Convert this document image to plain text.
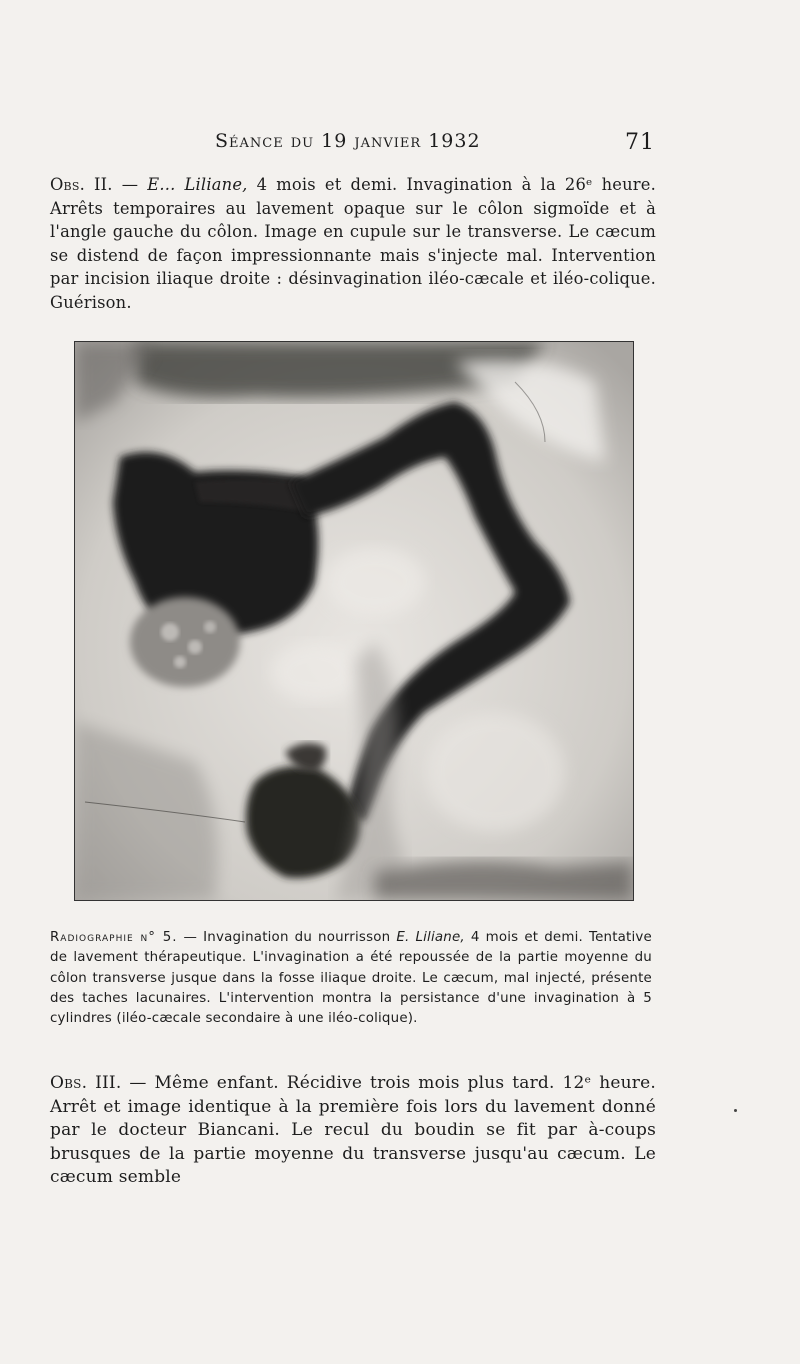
Séance du 19 janvier 1932	71

Obs. II. — E... Liliane, 4 mois et demi. Invagination à la 26ᵉ heure. Arrêts temporaires au lavement opaque sur le côlon sigmoïde et à l'angle gauche du côlon. Image en cupule sur le transverse. Le cæcum se distend de façon impressionnante mais s'injecte mal. Intervention par incision iliaque droite : désinvagination iléo-cæcale et iléo-colique. Guérison.

Radiographie n° 5. — Invagination du nourrisson E. Liliane, 4 mois et demi. Tentative de lavement thérapeutique. L'invagination a été repoussée de la partie moyenne du côlon transverse jusque dans la fosse iliaque droite. Le cæcum, mal injecté, présente des taches lacunaires. L'intervention montra la persistance d'une invagination à 5 cylindres (iléo-cæcale secondaire à une iléo-colique).

Obs. III. — Même enfant. Récidive trois mois plus tard. 12ᵉ heure. Arrêt et image identique à la première fois lors du lavement donné par le docteur Biancani. Le recul du boudin se fit par à-coups brusques de la partie moyenne du transverse jusqu'au cæcum. Le cæcum semble
